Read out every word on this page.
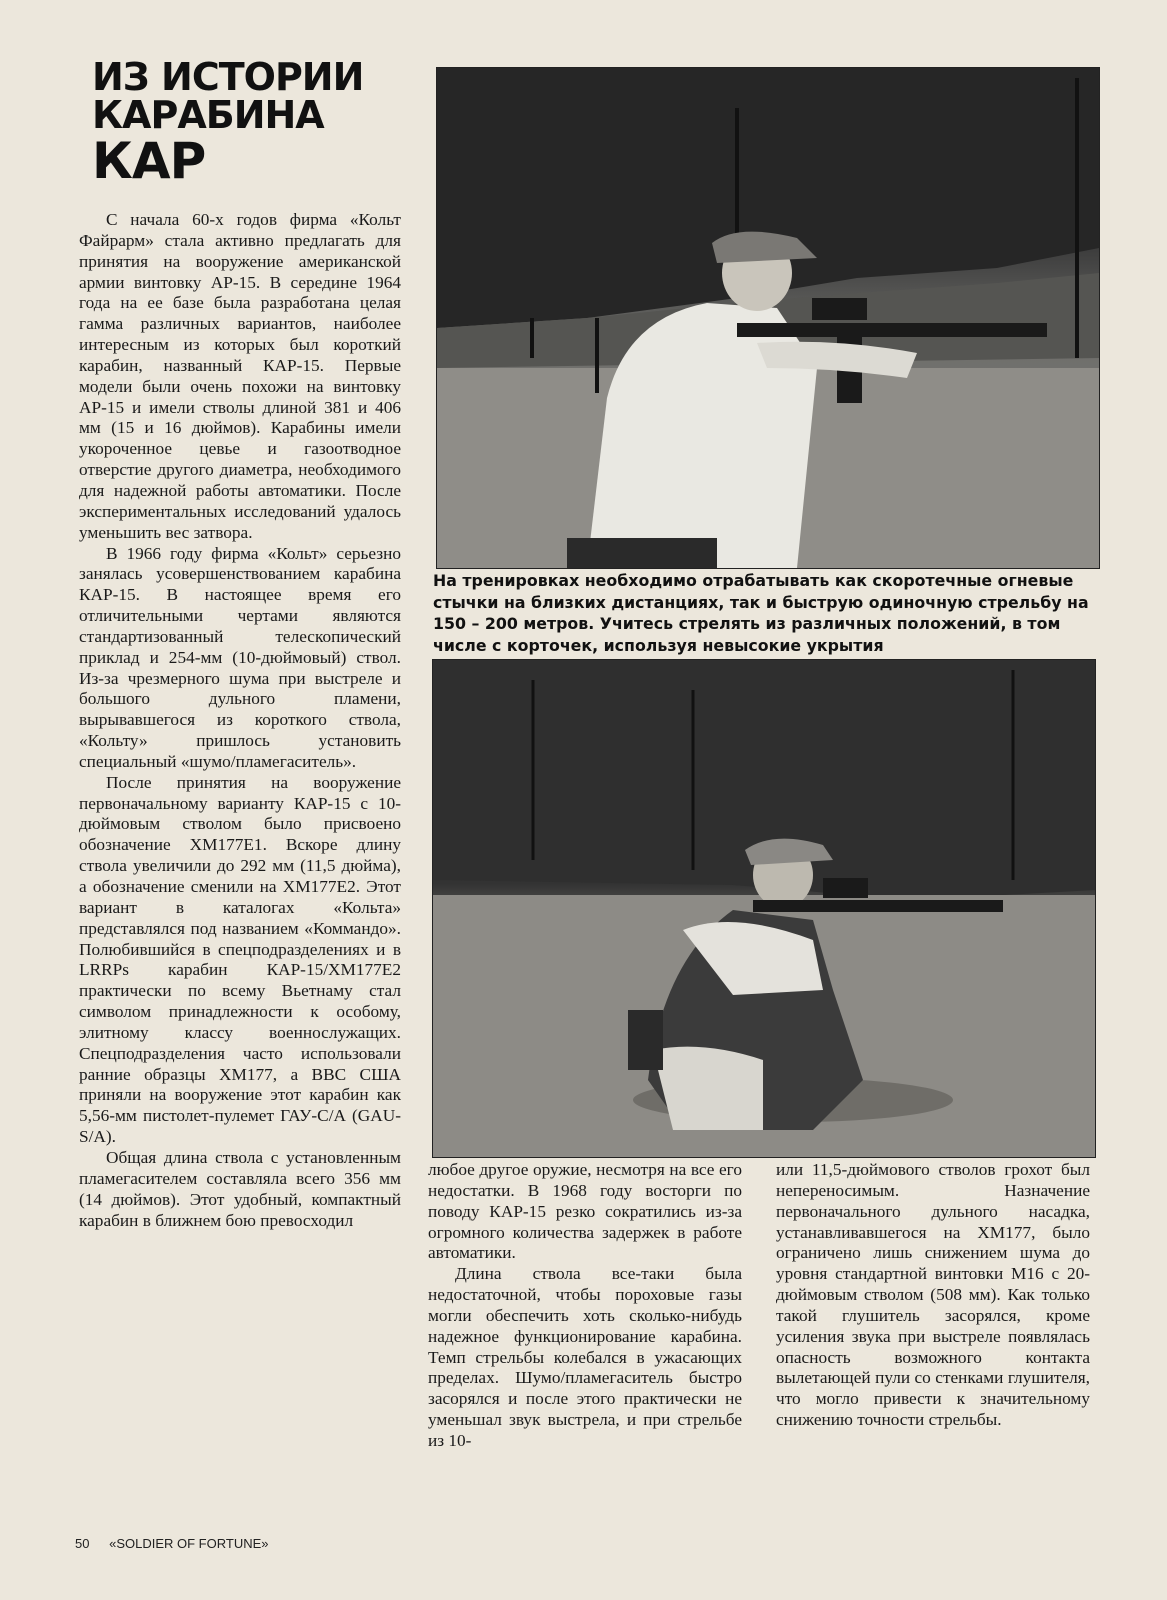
ИЗ ИСТОРИИ
КАРАБИНА
КАР

С начала 60-х годов фирма «Кольт Файрарм» стала активно предлагать для принятия на вооружение американской армии винтовку АР-15. В середине 1964 года на ее базе была разработана целая гамма различных вариантов, наиболее интересным из которых был короткий карабин, названный КАР-15. Первые модели были очень похожи на винтовку АР-15 и имели стволы длиной 381 и 406 мм (15 и 16 дюймов). Карабины имели укороченное цевье и газоотводное отверстие другого диаметра, необходимого для надежной работы автоматики. После экспериментальных исследований удалось уменьшить вес затвора.

В 1966 году фирма «Кольт» серьезно занялась усовершенствованием карабина КАР-15. В настоящее время его отличительными чертами являются стандартизованный телескопический приклад и 254-мм (10-дюймовый) ствол. Из-за чрезмерного шума при выстреле и большого дульного пламени, вырывавшегося из короткого ствола, «Кольту» пришлось установить специальный «шумо/пламегаситель».

После принятия на вооружение первоначальному варианту КАР-15 с 10-дюймовым стволом было присвоено обозначение ХМ177Е1. Вскоре длину ствола увеличили до 292 мм (11,5 дюйма), а обозначение сменили на ХМ177Е2. Этот вариант в каталогах «Кольта» представлялся под названием «Коммандо». Полюбившийся в спецподразделениях и в LRRPs карабин КАР-15/ХМ177Е2 практически по всему Вьетнаму стал символом принадлежности к особому, элитному классу военнослужащих. Спецподразделения часто использовали ранние образцы ХМ177, а ВВС США приняли на вооружение этот карабин как 5,56-мм пистолет-пулемет ГАУ-С/А (GAU-S/A).

Общая длина ствола с установленным пламегасителем составляла всего 356 мм (14 дюймов). Этот удобный, компактный карабин в ближнем бою превосходил

На тренировках необходимо отрабатывать как скоротечные огневые стычки на близких дистанциях, так и быструю одиночную стрельбу на 150 – 200 метров. Учитесь стрелять из различных положений, в том числе с корточек, используя невысокие укрытия

любое другое оружие, несмотря на все его недостатки. В 1968 году восторги по поводу КАР-15 резко сократились из-за огромного количества задержек в работе автоматики.

Длина ствола все-таки была недостаточной, чтобы пороховые газы могли обеспечить хоть сколько-нибудь надежное функционирование карабина. Темп стрельбы колебался в ужасающих пределах. Шумо/пламегаситель быстро засорялся и после этого практически не уменьшал звук выстрела, и при стрельбе из 10-

или 11,5-дюймового стволов грохот был непереносимым. Назначение первоначального дульного насадка, устанавливавшегося на ХМ177, было ограничено лишь снижением шума до уровня стандартной винтовки М16 с 20-дюймовым стволом (508 мм). Как только такой глушитель засорялся, кроме усиления звука при выстреле появлялась опасность возможного контакта вылетающей пули со стенками глушителя, что могло привести к значительному снижению точности стрельбы.

50 «SOLDIER OF FORTUNE»
